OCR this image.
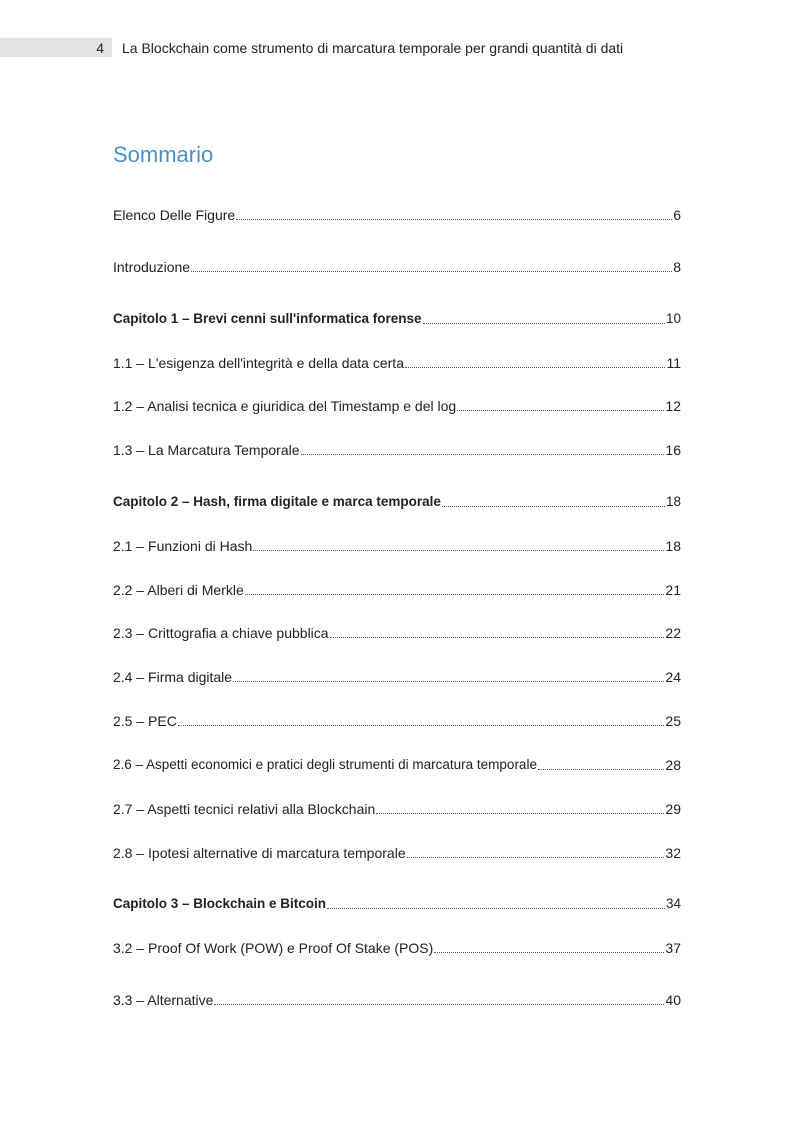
4 La Blockchain come strumento di marcatura temporale per grandi quantità di dati
Sommario
Elenco Delle Figure	6
Introduzione	8
Capitolo 1 – Brevi cenni sull'informatica forense	10
1.1 – L'esigenza dell'integrità e della data certa	11
1.2 – Analisi tecnica e giuridica del Timestamp e del log	12
1.3 – La Marcatura Temporale	16
Capitolo 2 – Hash, firma digitale e marca temporale	18
2.1 – Funzioni di Hash	18
2.2 – Alberi di Merkle	21
2.3 – Crittografia a chiave pubblica	22
2.4 – Firma digitale	24
2.5 – PEC	25
2.6 – Aspetti economici e pratici degli strumenti di marcatura temporale	28
2.7 – Aspetti tecnici relativi alla Blockchain	29
2.8 – Ipotesi alternative di marcatura temporale	32
Capitolo 3 – Blockchain e Bitcoin	34
3.2 – Proof Of Work (POW) e Proof Of Stake (POS)	37
3.3 – Alternative	40
